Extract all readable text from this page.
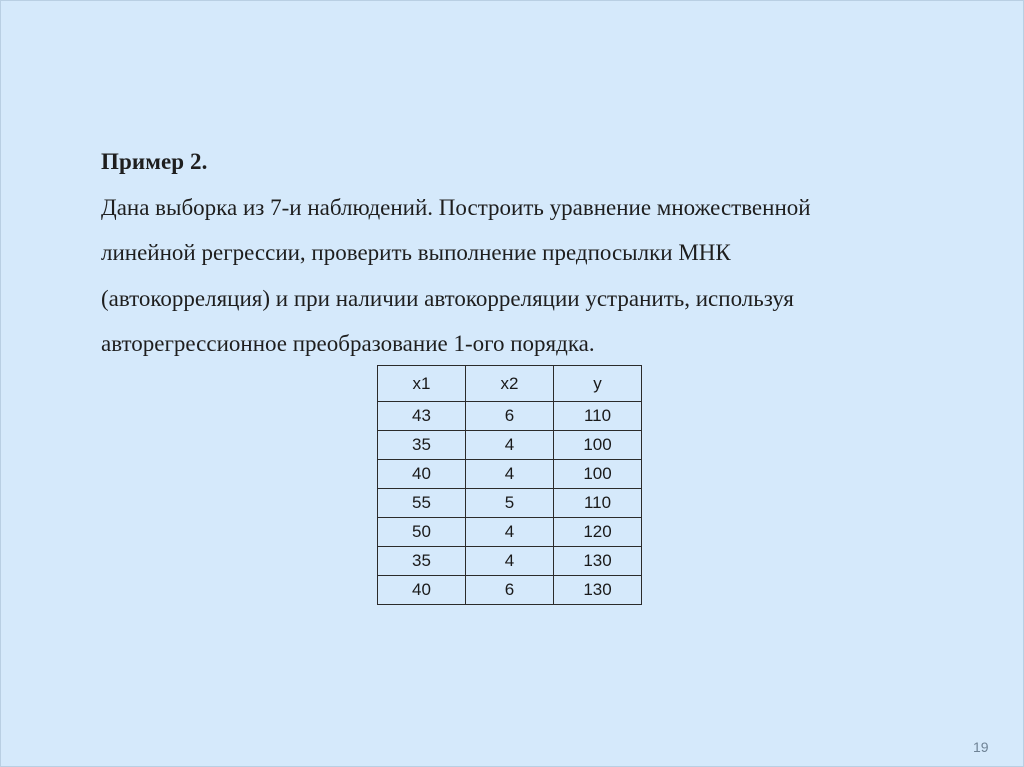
Пример 2.
Дана выборка из 7-и наблюдений. Построить уравнение множественной
линейной регрессии, проверить выполнение предпосылки МНК
(автокорреляция) и при наличии автокорреляции устранить, используя
авторегрессионное преобразование 1-ого порядка.
x1	x2	y
43	6	110
35	4	100
40	4	100
55	5	110
50	4	120
35	4	130
40	6	130
19
